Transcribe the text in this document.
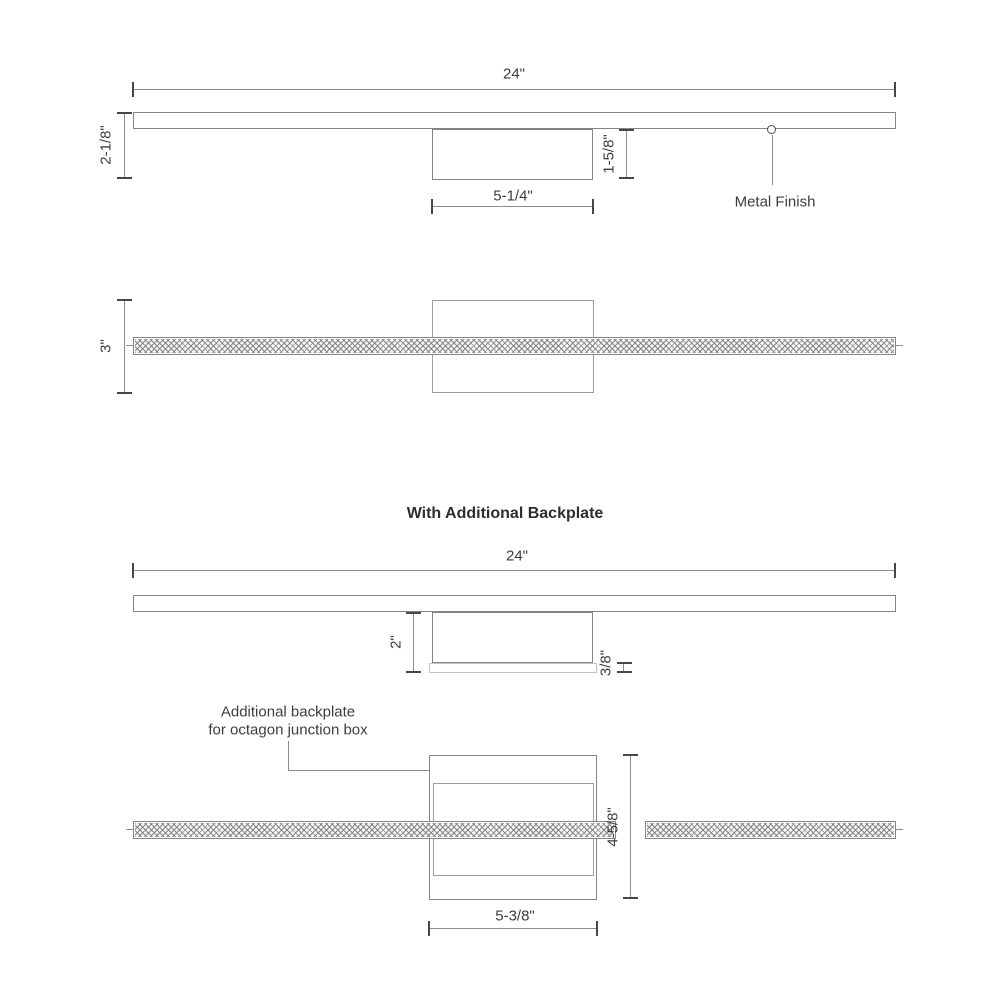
24"
2-1/8"	1-5/8"
5-1/4"	Metal Finish
3"
With Additional Backplate
24"
2"
3/8"
Additional backplate
for octagon junction box
4-5/8"
5-3/8"
